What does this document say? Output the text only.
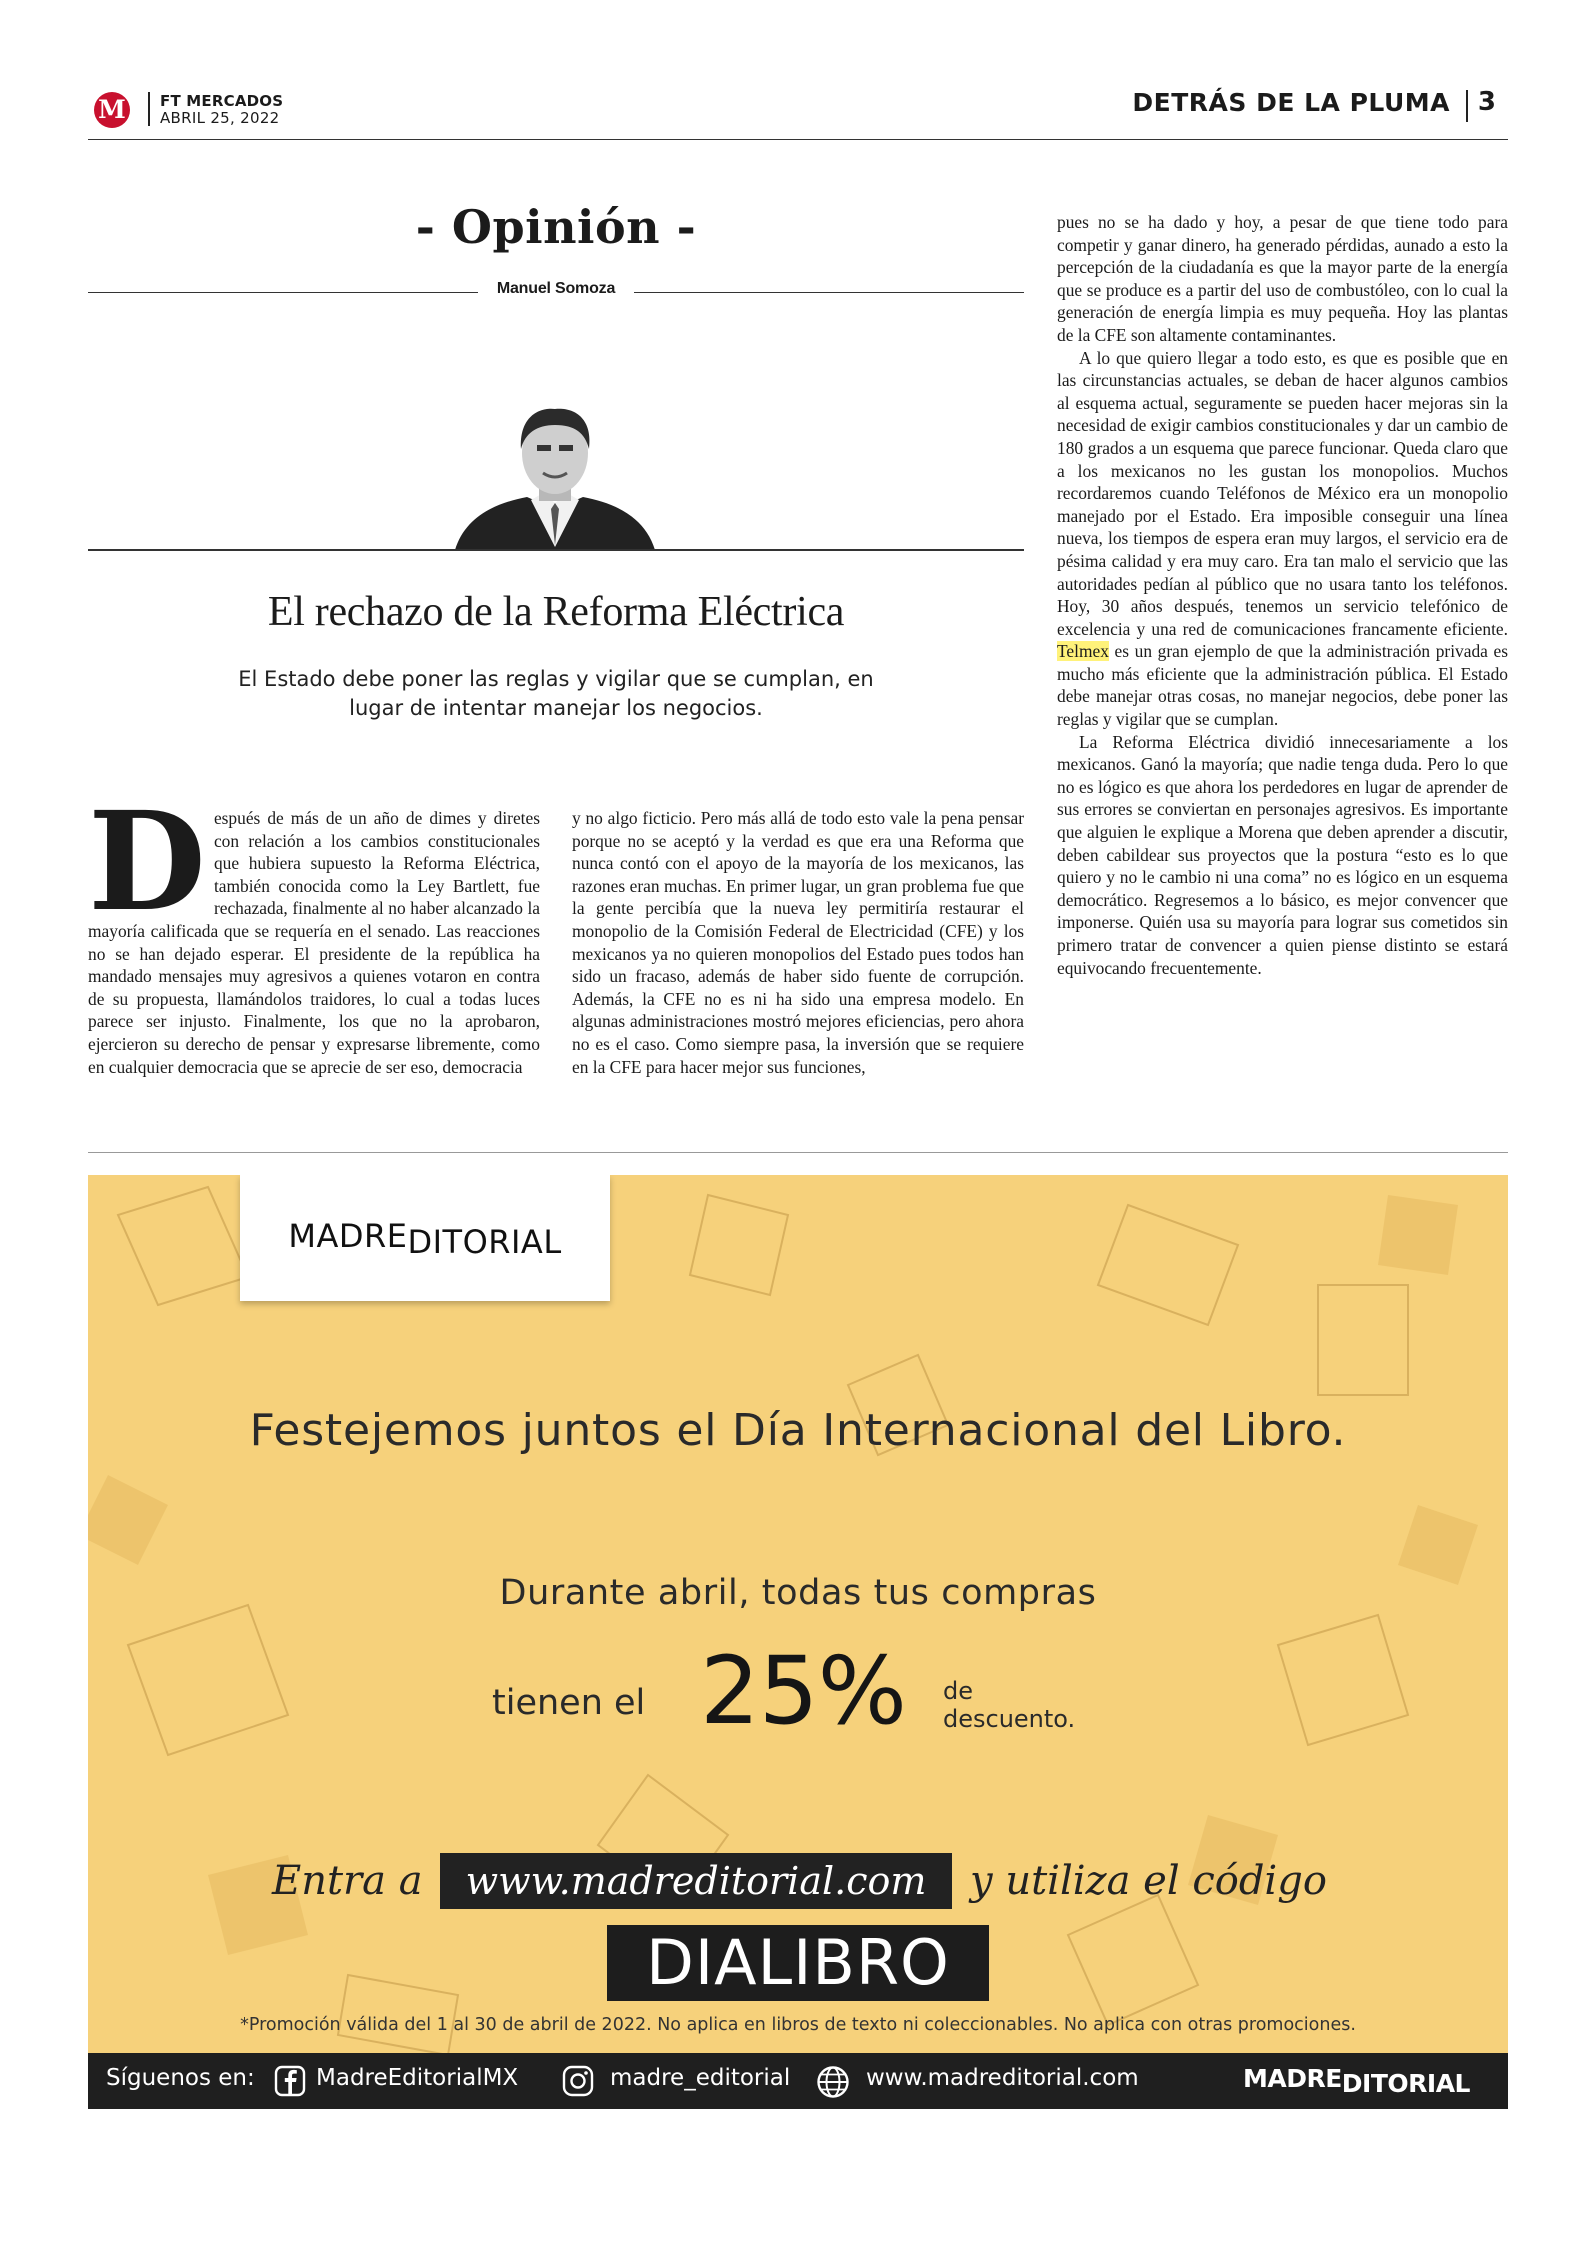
M FT MERCADOS
ABRIL 25, 2022
DETRÁS DE LA PLUMA 3
- Opinión -
Manuel Somoza
El rechazo de la Reforma Eléctrica
El Estado debe poner las reglas y vigilar que se cumplan, en lugar de intentar manejar los negocios.

Después de más de un año de dimes y diretes con relación a los cambios constitucionales que hubiera supuesto la Reforma Eléctrica, también conocida como la Ley Bartlett, fue rechazada, finalmente al no haber alcanzado la mayoría calificada que se requería en el senado. Las reacciones no se han dejado esperar. El presidente de la república ha mandado mensajes muy agresivos a quienes votaron en contra de su propuesta, llamándolos traidores, lo cual a todas luces parece ser injusto. Finalmente, los que no la aprobaron, ejercieron su derecho de pensar y expresarse libremente, como en cualquier democracia que se aprecie de ser eso, democracia

y no algo ficticio. Pero más allá de todo esto vale la pena pensar porque no se aceptó y la verdad es que era una Reforma que nunca contó con el apoyo de la mayoría de los mexicanos, las razones eran muchas. En primer lugar, un gran problema fue que la gente percibía que la nueva ley permitiría restaurar el monopolio de la Comisión Federal de Electricidad (CFE) y los mexicanos ya no quieren monopolios del Estado pues todos han sido un fracaso, además de haber sido fuente de corrupción. Además, la CFE no es ni ha sido una empresa modelo. En algunas administraciones mostró mejores eficiencias, pero ahora no es el caso. Como siempre pasa, la inversión que se requiere en la CFE para hacer mejor sus funciones,

pues no se ha dado y hoy, a pesar de que tiene todo para competir y ganar dinero, ha generado pérdidas, aunado a esto la percepción de la ciudadanía es que la mayor parte de la energía que se produce es a partir del uso de combustóleo, con lo cual la generación de energía limpia es muy pequeña. Hoy las plantas de la CFE son altamente contaminantes.

A lo que quiero llegar a todo esto, es que es posible que en las circunstancias actuales, se deban de hacer algunos cambios al esquema actual, seguramente se pueden hacer mejoras sin la necesidad de exigir cambios constitucionales y dar un cambio de 180 grados a un esquema que parece funcionar. Queda claro que a los mexicanos no les gustan los monopolios. Muchos recordaremos cuando Teléfonos de México era un monopolio manejado por el Estado. Era imposible conseguir una línea nueva, los tiempos de espera eran muy largos, el servicio era de pésima calidad y era muy caro. Era tan malo el servicio que las autoridades pedían al público que no usara tanto los teléfonos. Hoy, 30 años después, tenemos un servicio telefónico de excelencia y una red de comunicaciones francamente eficiente. Telmex es un gran ejemplo de que la administración privada es mucho más eficiente que la administración pública. El Estado debe manejar otras cosas, no manejar negocios, debe poner las reglas y vigilar que se cumplan.

La Reforma Eléctrica dividió innecesariamente a los mexicanos. Ganó la mayoría; que nadie tenga duda. Pero lo que no es lógico es que ahora los perdedores en lugar de aprender de sus errores se conviertan en personajes agresivos. Es importante que alguien le explique a Morena que deben aprender a discutir, deben cabildear sus proyectos que la postura “esto es lo que quiero y no le cambio ni una coma” no es lógico en un esquema democrático. Regresemos a lo básico, es mejor convencer que imponerse. Quién usa su mayoría para lograr sus cometidos sin primero tratar de convencer a quien piense distinto se estará equivocando frecuentemente.

MADREDITORIAL
Festejemos juntos el Día Internacional del Libro.
Durante abril, todas tus compras
tienen el 25% de
descuento.
Entra a	www.madreditorial.com	y utiliza el código
DIALIBRO
*Promoción válida del 1 al 30 de abril de 2022. No aplica en libros de texto ni coleccionables. No aplica con otras promociones.
Síguenos en:	MadreEditorialMX	madre_editorial	www.madreditorial.com	MADREDITORIAL
